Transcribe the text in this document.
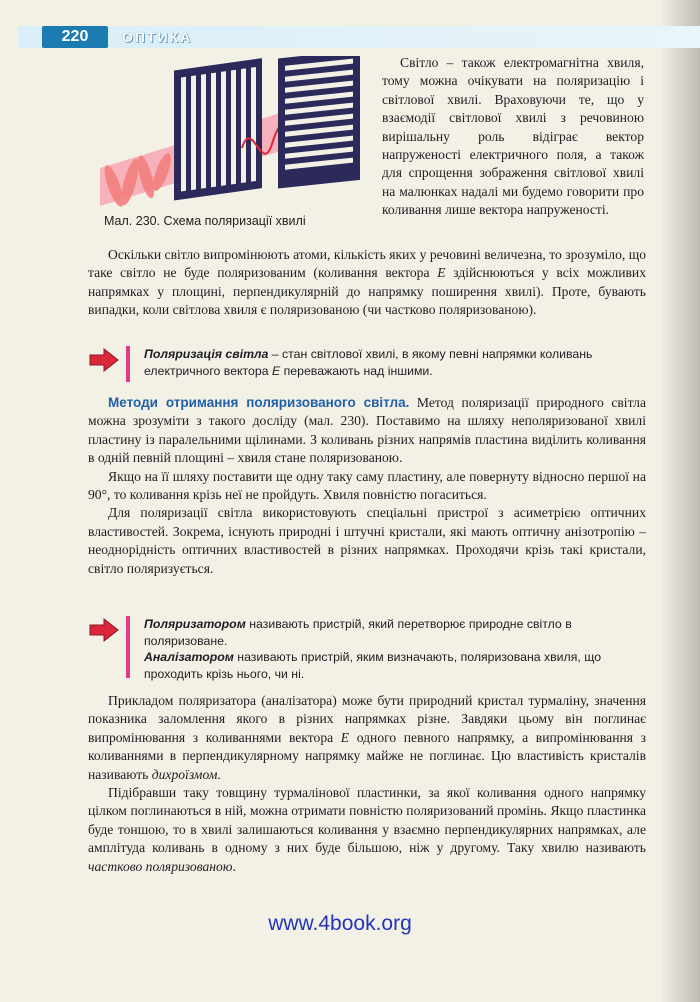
220	ОПТИКА
Мал. 230. Схема поляризації хвилі

Світло – також електромагнітна хвиля, тому можна очікувати на поляризацію і світлової хвилі. Враховуючи те, що у взаємодії світлової хвилі з речовиною вирішальну роль відіграє вектор напруженості електричного поля, а також для спрощення зображення світлової хвилі на малюнках надалі ми будемо говорити про коливання лише вектора напруженості.

Оскільки світло випромінюють атоми, кількість яких у речовині величезна, то зрозуміло, що таке світло не буде поляризованим (коливання вектора E здійснюються у всіх можливих напрямках у площині, перпендикулярній до напрямку поширення хвилі). Проте, бувають випадки, коли світлова хвиля є поляризованою (чи частково поляризованою).

Поляризація світла – стан світлової хвилі, в якому певні напрямки коливань електричного вектора E переважають над іншими.

Методи отримання поляризованого світла. Метод поляризації природного світла можна зрозуміти з такого досліду (мал. 230). Поставимо на шляху неполяризованої хвилі пластину із паралельними щілинами. З коливань різних напрямів пластина виділить коливання в одній певній площині – хвиля стане поляризованою.

Якщо на її шляху поставити ще одну таку саму пластину, але повернуту відносно першої на 90°, то коливання крізь неї не пройдуть. Хвиля повністю погаситься.

Для поляризації світла використовують спеціальні пристрої з асиметрією оптичних властивостей. Зокрема, існують природні і штучні кристали, які мають оптичну анізотропію – неоднорідність оптичних властивостей в різних напрямках. Проходячи крізь такі кристали, світло поляризується.

Поляризатором називають пристрій, який перетворює природне світло в поляризоване.
Аналізатором називають пристрій, яким визначають, поляризована хвиля, що проходить крізь нього, чи ні.

Прикладом поляризатора (аналізатора) може бути природний кристал турмаліну, значення показника заломлення якого в різних напрямках різне. Завдяки цьому він поглинає випромінювання з коливаннями вектора E одного певного напрямку, а випромінювання з коливаннями в перпендикулярному напрямку майже не поглинає. Цю властивість кристалів називають дихроїзмом.

Підібравши таку товщину турмалінової пластинки, за якої коливання одного напрямку цілком поглинаються в ній, можна отримати повністю поляризований промінь. Якщо пластинка буде тоншою, то в хвилі залишаються коливання у взаємно перпендикулярних напрямках, але амплітуда коливань в одному з них буде більшою, ніж у другому. Таку хвилю називають частково поляризованою.

www.4book.org
